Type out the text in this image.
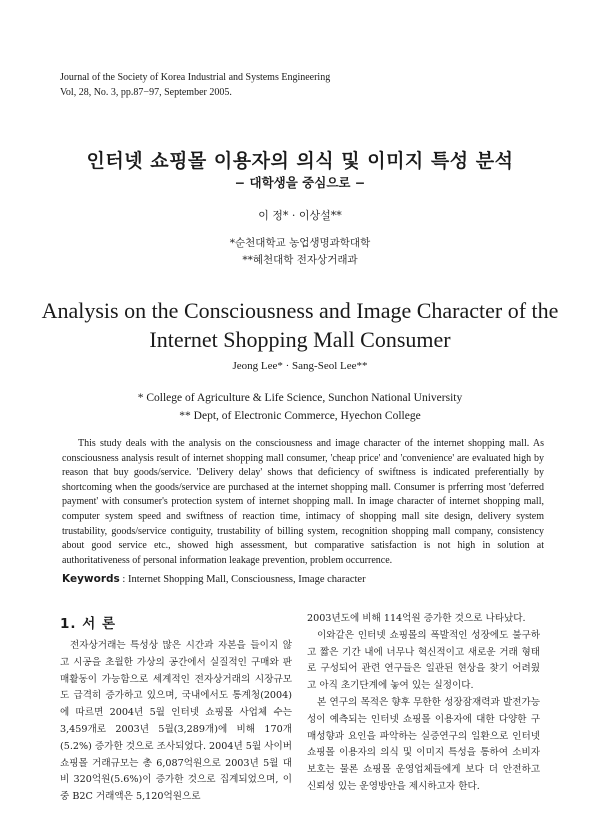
Journal of the Society of Korea Industrial and Systems Engineering
Vol, 28, No. 3, pp.87−97, September 2005.
인터넷 쇼핑몰 이용자의 의식 및 이미지 특성 분석
− 대학생을 중심으로 −
이 정* · 이상설**
*순천대학교 농업생명과학대학
**혜천대학 전자상거래과
Analysis on the Consciousness and Image Character of the
Internet Shopping Mall Consumer
Jeong Lee* · Sang-Seol Lee**
* College of Agriculture & Life Science, Sunchon National University
** Dept, of Electronic Commerce, Hyechon College

This study deals with the analysis on the consciousness and image character of the internet shopping mall. As consciousness analysis result of internet shopping mall consumer, 'cheap price' and 'convenience' are evaluated high by reason that buy goods/service. 'Delivery delay' shows that deficiency of swiftness is indicated preferentially by shortcoming when the goods/service are purchased at the internet shopping mall. Consumer is prferring most 'deferred payment' with consumer's protection system of internet shopping mall. In image character of internet shopping mall, computer system speed and swiftness of reaction time, intimacy of shopping mall site design, delivery system trustability, goods/service contiguity, trustability of billing system, recognition shopping mall company, consistency about good service etc., showed high assessment, but comparative satisfaction is not high in solution at authoritativeness of personal information leakage prevention, problem occurrence.

Keywords : Internet Shopping Mall, Consciousness, Image character
1. 서 론

전자상거래는 특성상 많은 시간과 자본을 들이지 않고 시공을 초월한 가상의 공간에서 실질적인 구매와 판매활동이 가능함으로 세계적인 전자상거래의 시장규모도 급격히 증가하고 있으며, 국내에서도 통계청(2004)에 따르면 2004년 5월 인터넷 쇼핑몰 사업체 수는 3,459개로 2003년 5월(3,289개)에 비해 170개(5.2%) 증가한 것으로 조사되었다. 2004년 5월 사이버쇼핑몰 거래규모는 총 6,087억원으로 2003년 5월 대비 320억원(5.6%)이 증가한 것으로 집계되었으며, 이중 B2C 거래액은 5,120억원으로

2003년도에 비해 114억원 증가한 것으로 나타났다.

이와같은 인터넷 쇼핑몰의 폭발적인 성장에도 불구하고 짧은 기간 내에 너무나 혁신적이고 새로운 거래 형태로 구성되어 관련 연구들은 일관된 현상을 찾기 어려웠고 아직 초기단계에 놓여 있는 실정이다.

본 연구의 목적은 향후 무한한 성장잠재력과 발전가능성이 예측되는 인터넷 쇼핑몰 이용자에 대한 다양한 구매성향과 요인을 파악하는 실증연구의 일환으로 인터넷 쇼핑몰 이용자의 의식 및 이미지 특성을 통하여 소비자 보호는 물론 쇼핑몰 운영업체들에게 보다 더 안전하고 신뢰성 있는 운영방안을 제시하고자 한다.
